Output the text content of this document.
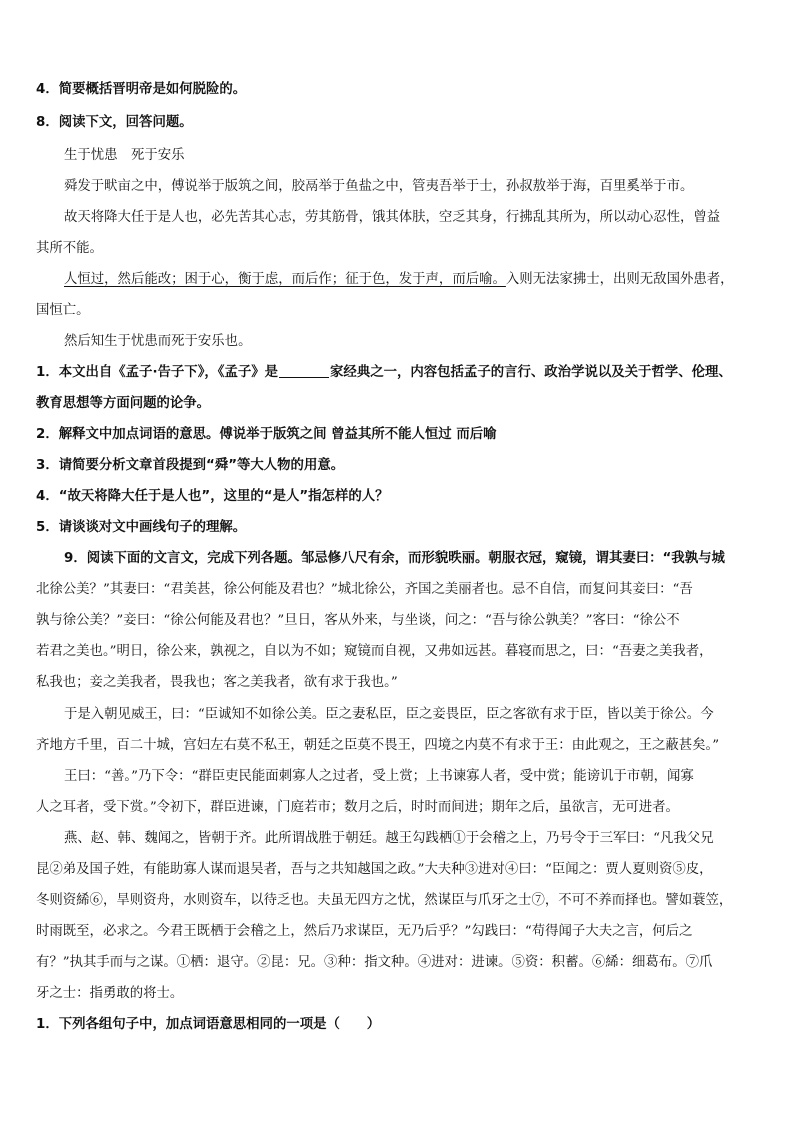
4．简要概括晋明帝是如何脱险的。
8．阅读下文，回答问题。
生于忧患　死于安乐
舜发于畎亩之中，傅说举于版筑之间，胶鬲举于鱼盐之中，管夷吾举于士，孙叔敖举于海，百里奚举于市。
故天将降大任于是人也，必先苦其心志，劳其筋骨，饿其体肤，空乏其身，行拂乱其所为，所以动心忍性，曾益
其所不能。
人恒过，然后能改；困于心，衡于虑，而后作；征于色，发于声，而后喻。入则无法家拂士，出则无敌国外患者，
国恒亡。
然后知生于忧患而死于安乐也。
1．本文出自《孟子·告子下》，《孟子》是	家经典之一，内容包括孟子的言行、政治学说以及关于哲学、伦理、
教育思想等方面问题的论争。
2．解释文中加点词语的意思。傅说举于版筑之间 曾益其所不能人恒过 而后喻
3．请简要分析文章首段提到“舜”等大人物的用意。
4．“故天将降大任于是人也”，这里的“是人”指怎样的人？
5．请谈谈对文中画线句子的理解。
9．阅读下面的文言文，完成下列各题。邹忌修八尺有余，而形貌昳丽。朝服衣冠，窥镜，谓其妻曰：“我孰与城
北徐公美？”其妻曰：“君美甚，徐公何能及君也？”城北徐公，齐国之美丽者也。忌不自信，而复问其妾曰：“吾
孰与徐公美？”妾曰：“徐公何能及君也？”旦日，客从外来，与坐谈，问之：“吾与徐公孰美？”客曰：“徐公不
若君之美也。”明日，徐公来，孰视之，自以为不如；窥镜而自视，又弗如远甚。暮寝而思之，曰：“吾妻之美我者，
私我也；妾之美我者，畏我也；客之美我者，欲有求于我也。”
于是入朝见威王，曰：“臣诚知不如徐公美。臣之妻私臣，臣之妾畏臣，臣之客欲有求于臣，皆以美于徐公。今
齐地方千里，百二十城，宫妇左右莫不私王，朝廷之臣莫不畏王，四境之内莫不有求于王：由此观之，王之蔽甚矣。”
王曰：“善。”乃下令：“群臣吏民能面刺寡人之过者，受上赏；上书谏寡人者，受中赏；能谤讥于市朝，闻寡
人之耳者，受下赏。”令初下，群臣进谏，门庭若市；数月之后，时时而间进；期年之后，虽欲言，无可进者。
燕、赵、韩、魏闻之，皆朝于齐。此所谓战胜于朝廷。越王勾践栖①于会稽之上，乃号令于三军曰：“凡我父兄
昆②弟及国子姓，有能助寡人谋而退吴者，吾与之共知越国之政。”大夫种③进对④曰：“臣闻之：贾人夏则资⑤皮，
冬则资絺⑥，旱则资舟，水则资车，以待乏也。夫虽无四方之忧，然谋臣与爪牙之士⑦，不可不养而择也。譬如蓑笠，
时雨既至，必求之。今君王既栖于会稽之上，然后乃求谋臣，无乃后乎？”勾践曰：“苟得闻子大夫之言，何后之
有？”执其手而与之谋。①栖：退守。②昆：兄。③种：指文种。④进对：进谏。⑤资：积蓄。⑥絺：细葛布。⑦爪
牙之士：指勇敢的将士。
1．下列各组句子中，加点词语意思相同的一项是（　　）
